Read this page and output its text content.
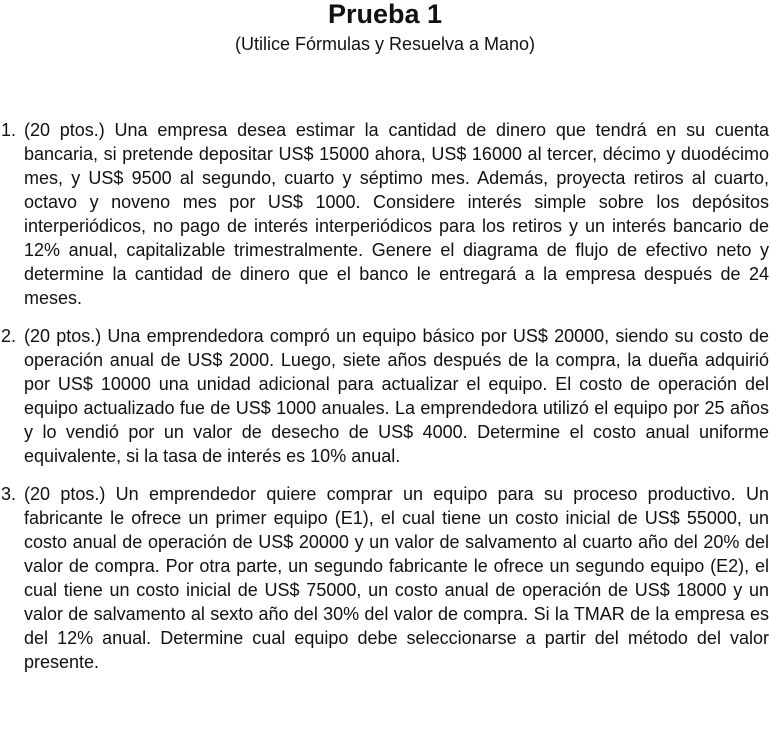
Prueba 1

(Utilice Fórmulas y Resuelva a Mano)

1. (20 ptos.) Una empresa desea estimar la cantidad de dinero que tendrá en su cuenta bancaria, si pretende depositar US$ 15000 ahora, US$ 16000 al tercer, décimo y duodécimo mes, y US$ 9500 al segundo, cuarto y séptimo mes. Además, proyecta retiros al cuarto, octavo y noveno mes por US$ 1000. Considere interés simple sobre los depósitos interperiódicos, no pago de interés interperiódicos para los retiros y un interés bancario de 12% anual, capitalizable trimestralmente. Genere el diagrama de flujo de efectivo neto y determine la cantidad de dinero que el banco le entregará a la empresa después de 24 meses.

2. (20 ptos.) Una emprendedora compró un equipo básico por US$ 20000, siendo su costo de operación anual de US$ 2000. Luego, siete años después de la compra, la dueña adquirió por US$ 10000 una unidad adicional para actualizar el equipo. El costo de operación del equipo actualizado fue de US$ 1000 anuales. La emprendedora utilizó el equipo por 25 años y lo vendió por un valor de desecho de US$ 4000. Determine el costo anual uniforme equivalente, si la tasa de interés es 10% anual.

3. (20 ptos.) Un emprendedor quiere comprar un equipo para su proceso productivo. Un fabricante le ofrece un primer equipo (E1), el cual tiene un costo inicial de US$ 55000, un costo anual de operación de US$ 20000 y un valor de salvamento al cuarto año del 20% del valor de compra. Por otra parte, un segundo fabricante le ofrece un segundo equipo (E2), el cual tiene un costo inicial de US$ 75000, un costo anual de operación de US$ 18000 y un valor de salvamento al sexto año del 30% del valor de compra. Si la TMAR de la empresa es del 12% anual. Determine cual equipo debe seleccionarse a partir del método del valor presente.
